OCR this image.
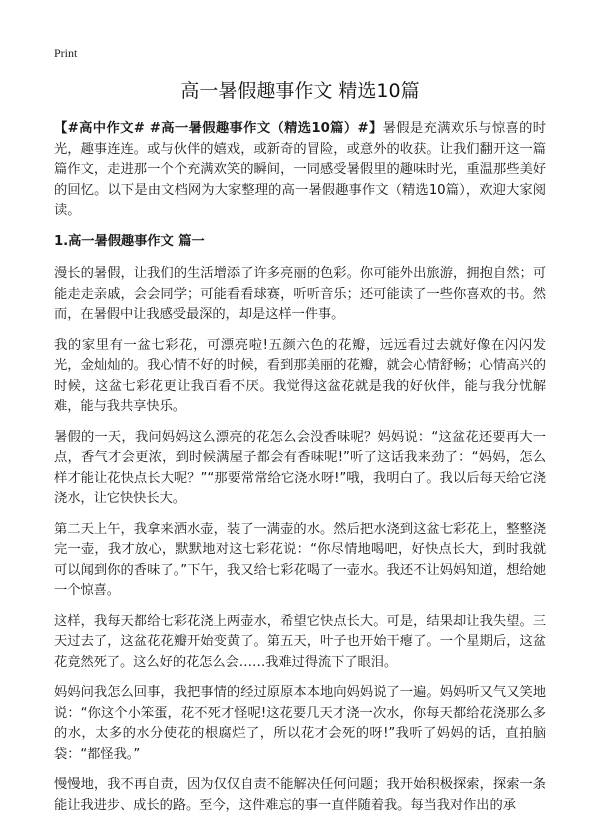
Print
高一暑假趣事作文 精选10篇

【#高中作文# #高一暑假趣事作文（精选10篇）#】暑假是充满欢乐与惊喜的时光，趣事连连。或与伙伴的嬉戏，或新奇的冒险，或意外的收获。让我们翻开这一篇篇作文，走进那一个个充满欢笑的瞬间，一同感受暑假里的趣味时光，重温那些美好的回忆。以下是由文档网为大家整理的高一暑假趣事作文（精选10篇），欢迎大家阅读。

1.高一暑假趣事作文 篇一

漫长的暑假，让我们的生活增添了许多亮丽的色彩。你可能外出旅游，拥抱自然；可能走走亲戚，会会同学；可能看看球赛，听听音乐；还可能读了一些你喜欢的书。然而，在暑假中让我感受最深的，却是这样一件事。

我的家里有一盆七彩花，可漂亮啦!五颜六色的花瓣，远远看过去就好像在闪闪发光，金灿灿的。我心情不好的时候，看到那美丽的花瓣，就会心情舒畅；心情高兴的时候，这盆七彩花更让我百看不厌。我觉得这盆花就是我的好伙伴，能与我分忧解难，能与我共享快乐。

暑假的一天，我问妈妈这么漂亮的花怎么会没香味呢？妈妈说：“这盆花还要再大一点，香气才会更浓，到时候满屋子都会有香味呢!”听了这话我来劲了：“妈妈，怎么样才能让花快点长大呢？”“那要常常给它浇水呀!”哦，我明白了。我以后每天给它浇浇水，让它快快长大。

第二天上午，我拿来洒水壶，装了一满壶的水。然后把水浇到这盆七彩花上，整整浇完一壶，我才放心，默默地对这七彩花说：“你尽情地喝吧，好快点长大，到时我就可以闻到你的香味了。”下午，我又给七彩花喝了一壶水。我还不让妈妈知道，想给她一个惊喜。

这样，我每天都给七彩花浇上两壶水，希望它快点长大。可是，结果却让我失望。三天过去了，这盆花花瓣开始变黄了。第五天，叶子也开始干瘪了。一个星期后，这盆花竟然死了。这么好的花怎么会……我难过得流下了眼泪。

妈妈问我怎么回事，我把事情的经过原原本本地向妈妈说了一遍。妈妈听又气又笑地说：“你这个小笨蛋，花不死才怪呢!这花要几天才浇一次水，你每天都给花浇那么多的水，太多的水分使花的根腐烂了，所以花才会死的呀!”我听了妈妈的话，直拍脑袋：“都怪我。”

慢慢地，我不再自责，因为仅仅自责不能解决任何问题；我开始积极探索，探索一条能让我进步、成长的路。至今，这件难忘的事一直伴随着我。每当我对作出的承
